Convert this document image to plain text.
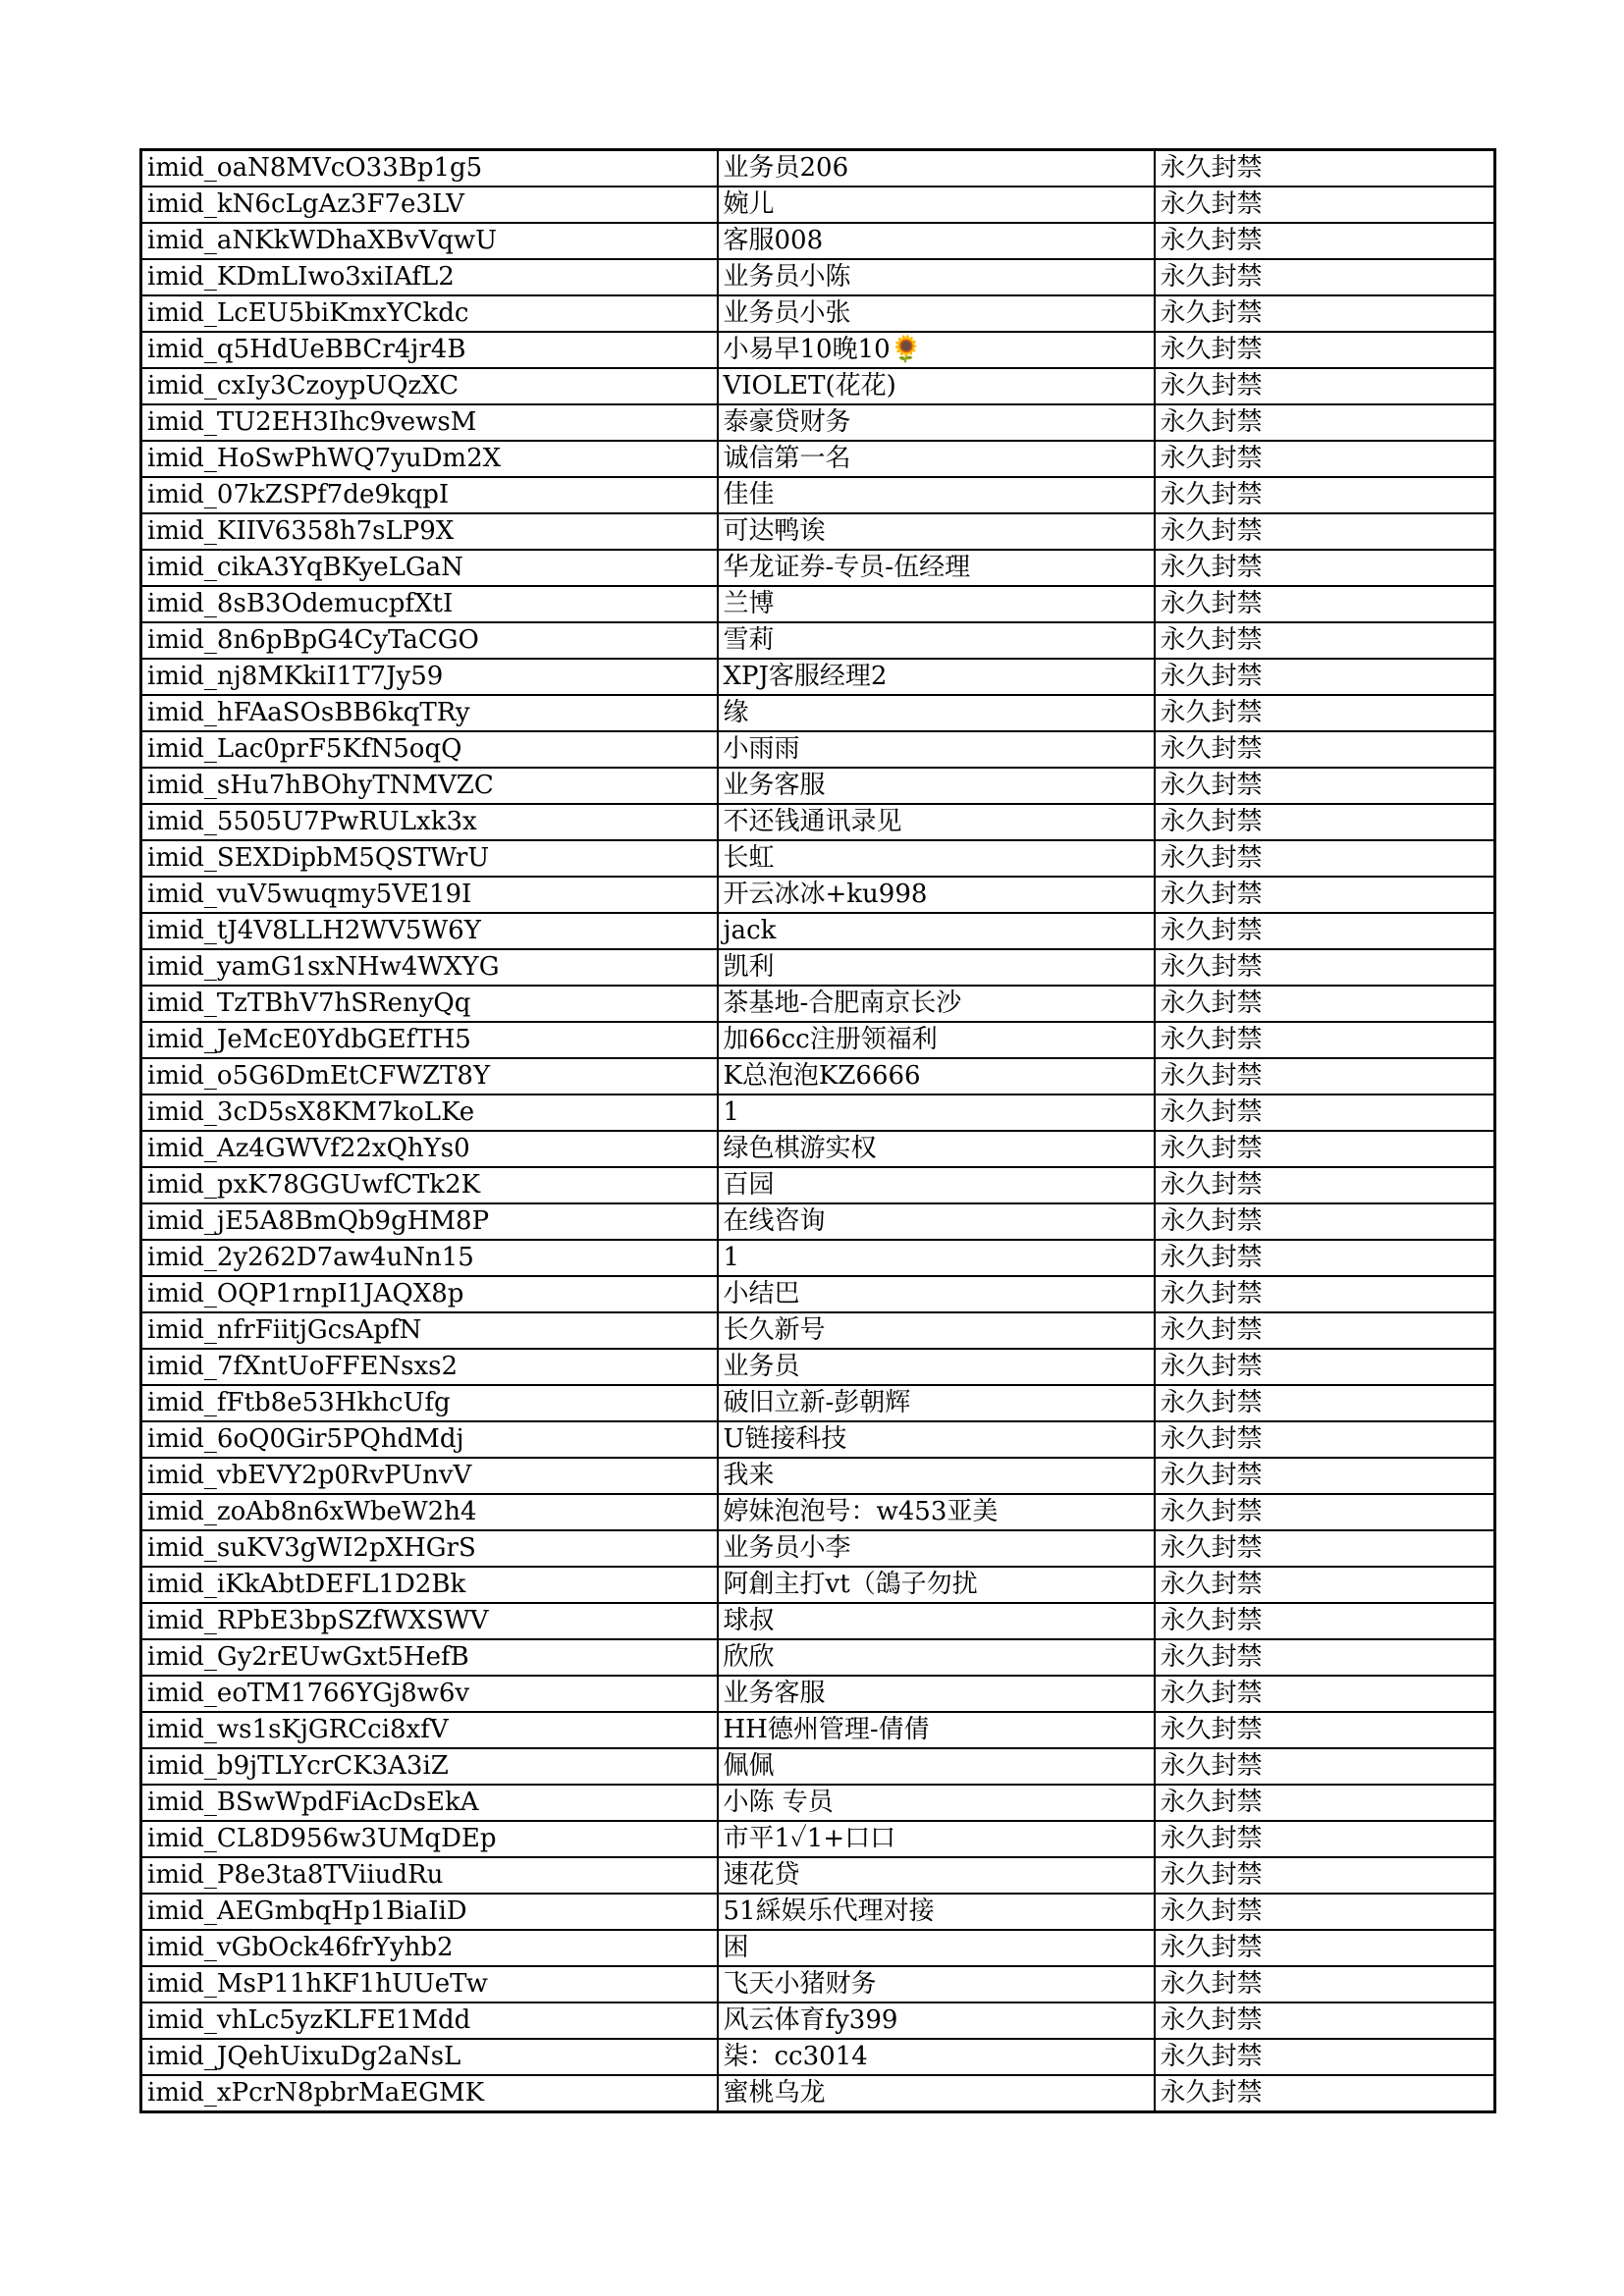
imid_oaN8MVcO33Bp1g5	业务员206	永久封禁
imid_kN6cLgAz3F7e3LV	婉儿	永久封禁
imid_aNKkWDhaXBvVqwU	客服008	永久封禁
imid_KDmLIwo3xiIAfL2	业务员小陈	永久封禁
imid_LcEU5biKmxYCkdc	业务员小张	永久封禁
imid_q5HdUeBBCr4jr4B	小易早10晚10🌻	永久封禁
imid_cxIy3CzoypUQzXC	VIOLET(花花)	永久封禁
imid_TU2EH3Ihc9vewsM	泰豪贷财务	永久封禁
imid_HoSwPhWQ7yuDm2X	诚信第一名	永久封禁
imid_07kZSPf7de9kqpI	佳佳	永久封禁
imid_KIIV6358h7sLP9X	可达鸭诶	永久封禁
imid_cikA3YqBKyeLGaN	华龙证券-专员-伍经理	永久封禁
imid_8sB3OdemucpfXtI	兰博	永久封禁
imid_8n6pBpG4CyTaCGO	雪莉	永久封禁
imid_nj8MKkiI1T7Jy59	XPJ客服经理2	永久封禁
imid_hFAaSOsBB6kqTRy	缘	永久封禁
imid_Lac0prF5KfN5oqQ	小雨雨	永久封禁
imid_sHu7hBOhyTNMVZC	业务客服	永久封禁
imid_5505U7PwRULxk3x	不还钱通讯录见	永久封禁
imid_SEXDipbM5QSTWrU	长虹	永久封禁
imid_vuV5wuqmy5VE19I	开云冰冰+ku998	永久封禁
imid_tJ4V8LLH2WV5W6Y	jack	永久封禁
imid_yamG1sxNHw4WXYG	凯利	永久封禁
imid_TzTBhV7hSRenyQq	茶基地-合肥南京长沙	永久封禁
imid_JeMcE0YdbGEfTH5	加66cc注册领福利	永久封禁
imid_o5G6DmEtCFWZT8Y	K总泡泡KZ6666	永久封禁
imid_3cD5sX8KM7koLKe	1	永久封禁
imid_Az4GWVf22xQhYs0	绿色棋游实权	永久封禁
imid_pxK78GGUwfCTk2K	百园	永久封禁
imid_jE5A8BmQb9gHM8P	在线咨询	永久封禁
imid_2y262D7aw4uNn15	1	永久封禁
imid_OQP1rnpI1JAQX8p	小结巴	永久封禁
imid_nfrFiitjGcsApfN	长久新号	永久封禁
imid_7fXntUoFFENsxs2	业务员	永久封禁
imid_fFtb8e53HkhcUfg	破旧立新-彭朝辉	永久封禁
imid_6oQ0Gir5PQhdMdj	U链接科技	永久封禁
imid_vbEVY2p0RvPUnvV	我来	永久封禁
imid_zoAb8n6xWbeW2h4	婷妹泡泡号：w453亚美	永久封禁
imid_suKV3gWI2pXHGrS	业务员小李	永久封禁
imid_iKkAbtDEFL1D2Bk	阿創主打vt（鴿子勿扰	永久封禁
imid_RPbE3bpSZfWXSWV	球叔	永久封禁
imid_Gy2rEUwGxt5HefB	欣欣	永久封禁
imid_eoTM1766YGj8w6v	业务客服	永久封禁
imid_ws1sKjGRCci8xfV	HH德州管理-倩倩	永久封禁
imid_b9jTLYcrCK3A3iZ	佩佩	永久封禁
imid_BSwWpdFiAcDsEkA	小陈 专员	永久封禁
imid_CL8D956w3UMqDEp	市平1✓1+口口	永久封禁
imid_P8e3ta8TViiudRu	速花贷	永久封禁
imid_AEGmbqHp1BiaIiD	51綵娱乐代理对接	永久封禁
imid_vGbOck46frYyhb2	困	永久封禁
imid_MsP11hKF1hUUeTw	飞天小猪财务	永久封禁
imid_vhLc5yzKLFE1Mdd	风云体育fy399	永久封禁
imid_JQehUixuDg2aNsL	柒：cc3014	永久封禁
imid_xPcrN8pbrMaEGMK	蜜桃乌龙	永久封禁
